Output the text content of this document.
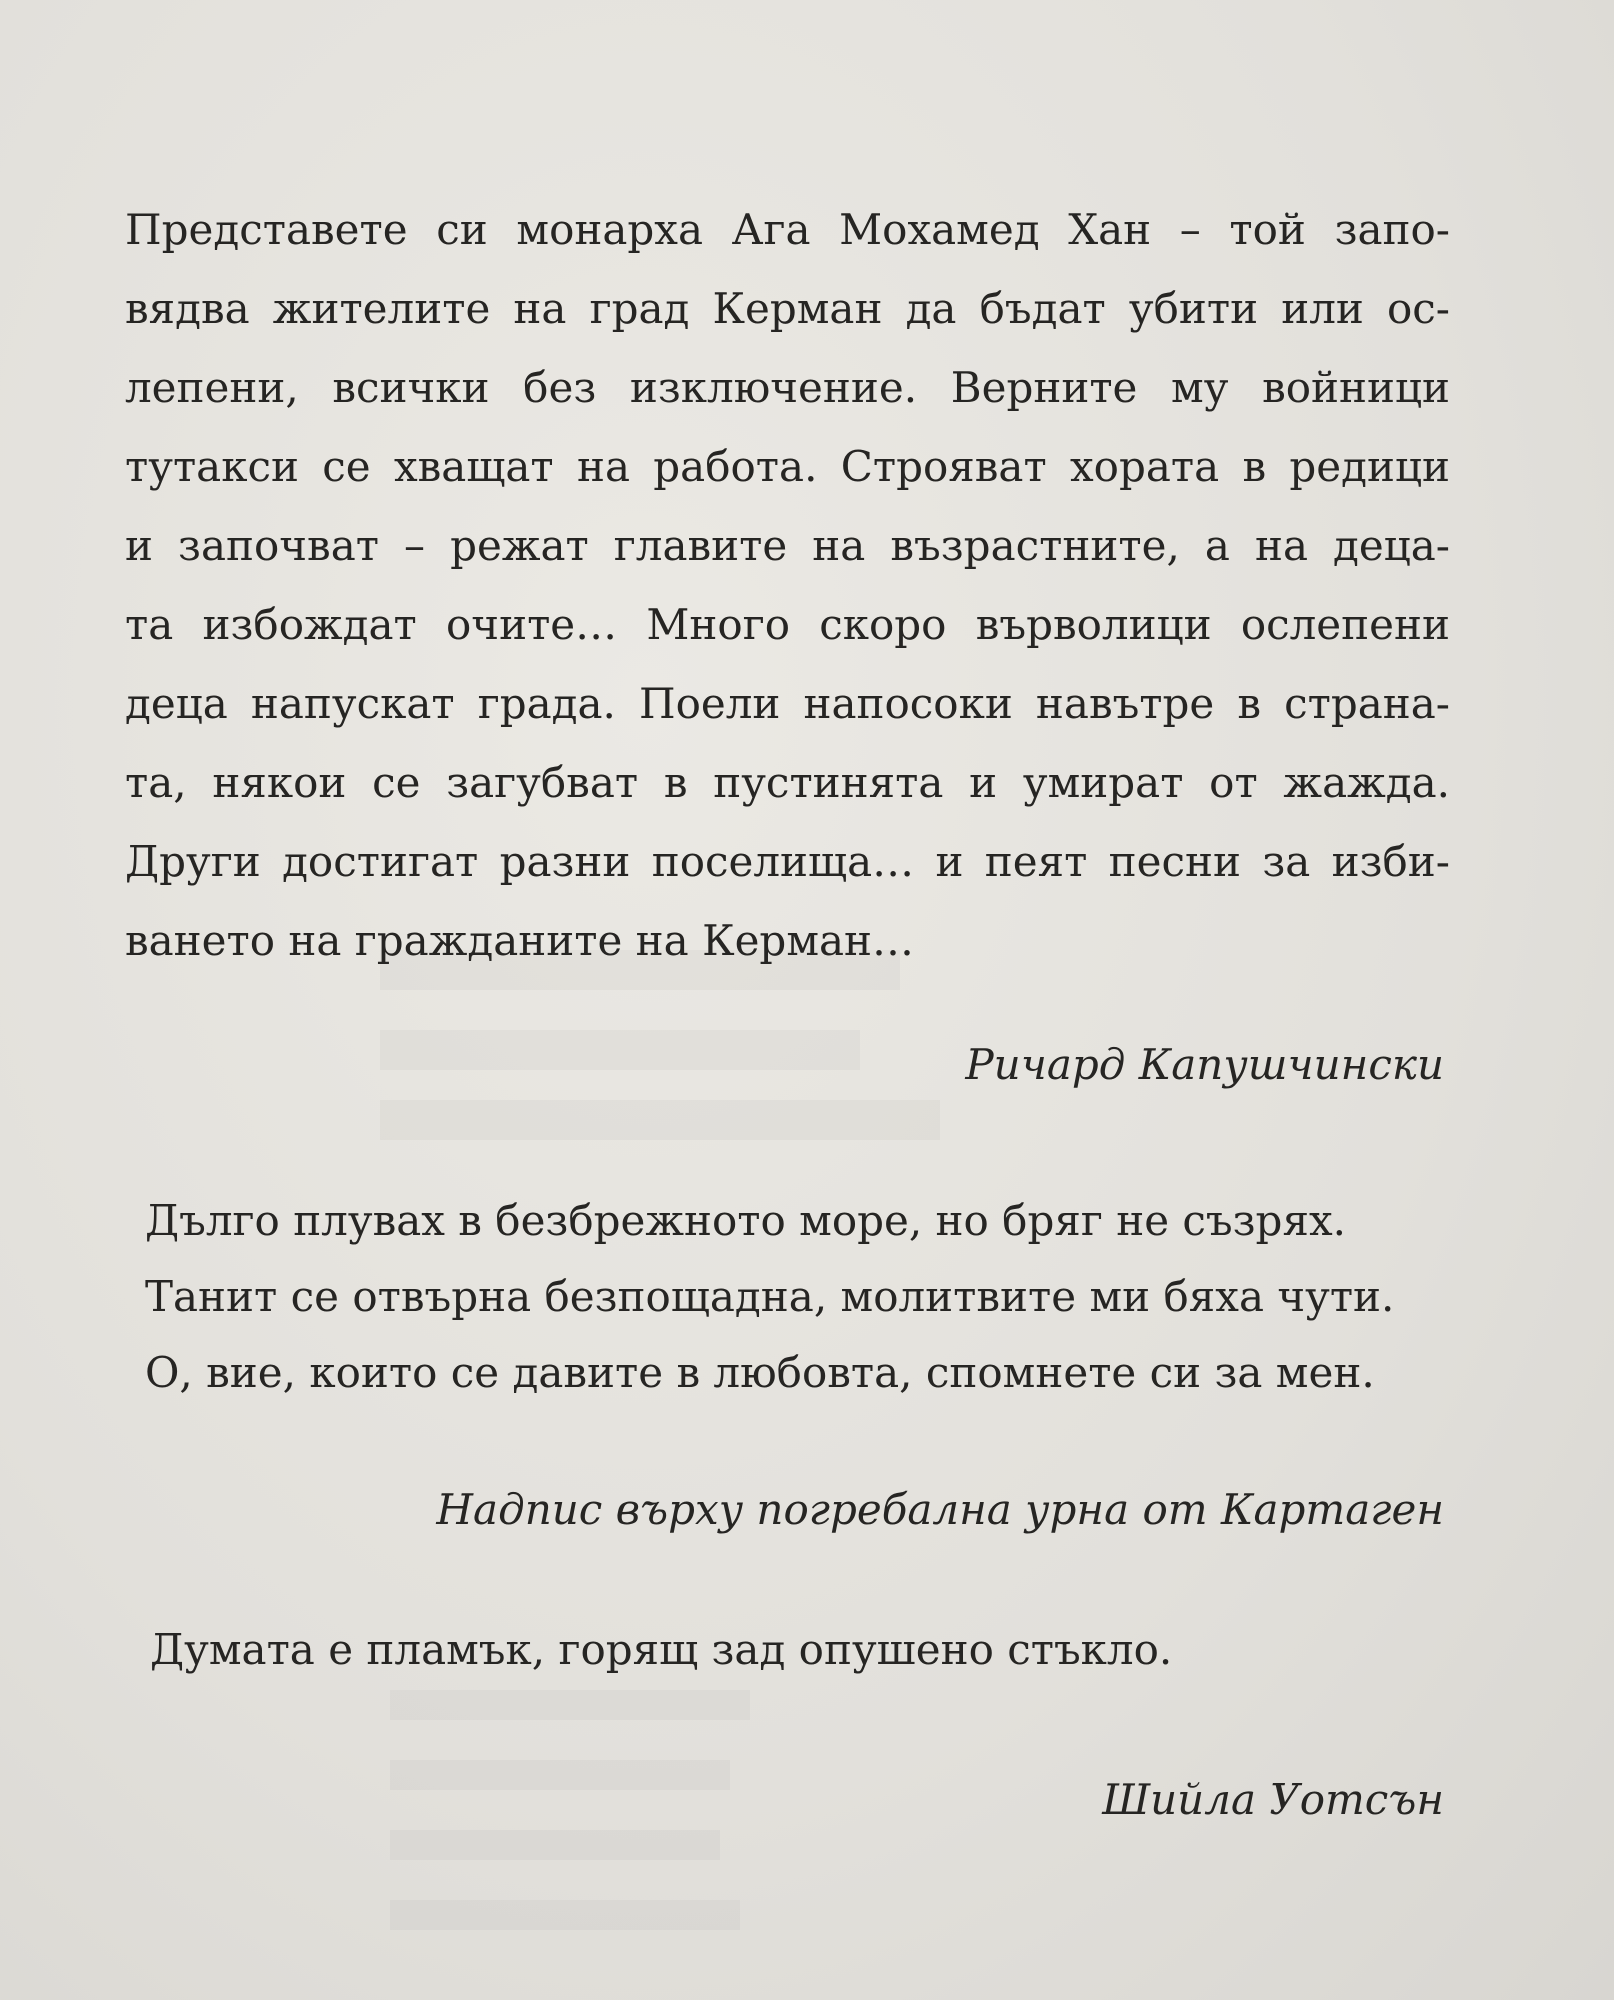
Представете си монарха Ага Мохамед Хан – той запо-
вядва жителите на град Керман да бъдат убити или ос-
лепени, всички без изключение. Верните му войници
тутакси се хващат на работа. Строяват хората в редици
и започват – режат главите на възрастните, а на деца-
та избождат очите… Много скоро върволици ослепени
деца напускат града. Поели напосоки навътре в страна-
та, някои се загубват в пустинята и умират от жажда.
Други достигат разни поселища… и пеят песни за изби-
ването на гражданите на Керман…
Ричард Капушчински
Дълго плувах в безбрежното море, но бряг не съзрях.
Танит се отвърна безпощадна, молитвите ми бяха чути.
О, вие, които се давите в любовта, спомнете си за мен.
Надпис върху погребална урна от Картаген
Думата е пламък, горящ зад опушено стъкло.
Шийла Уотсън
